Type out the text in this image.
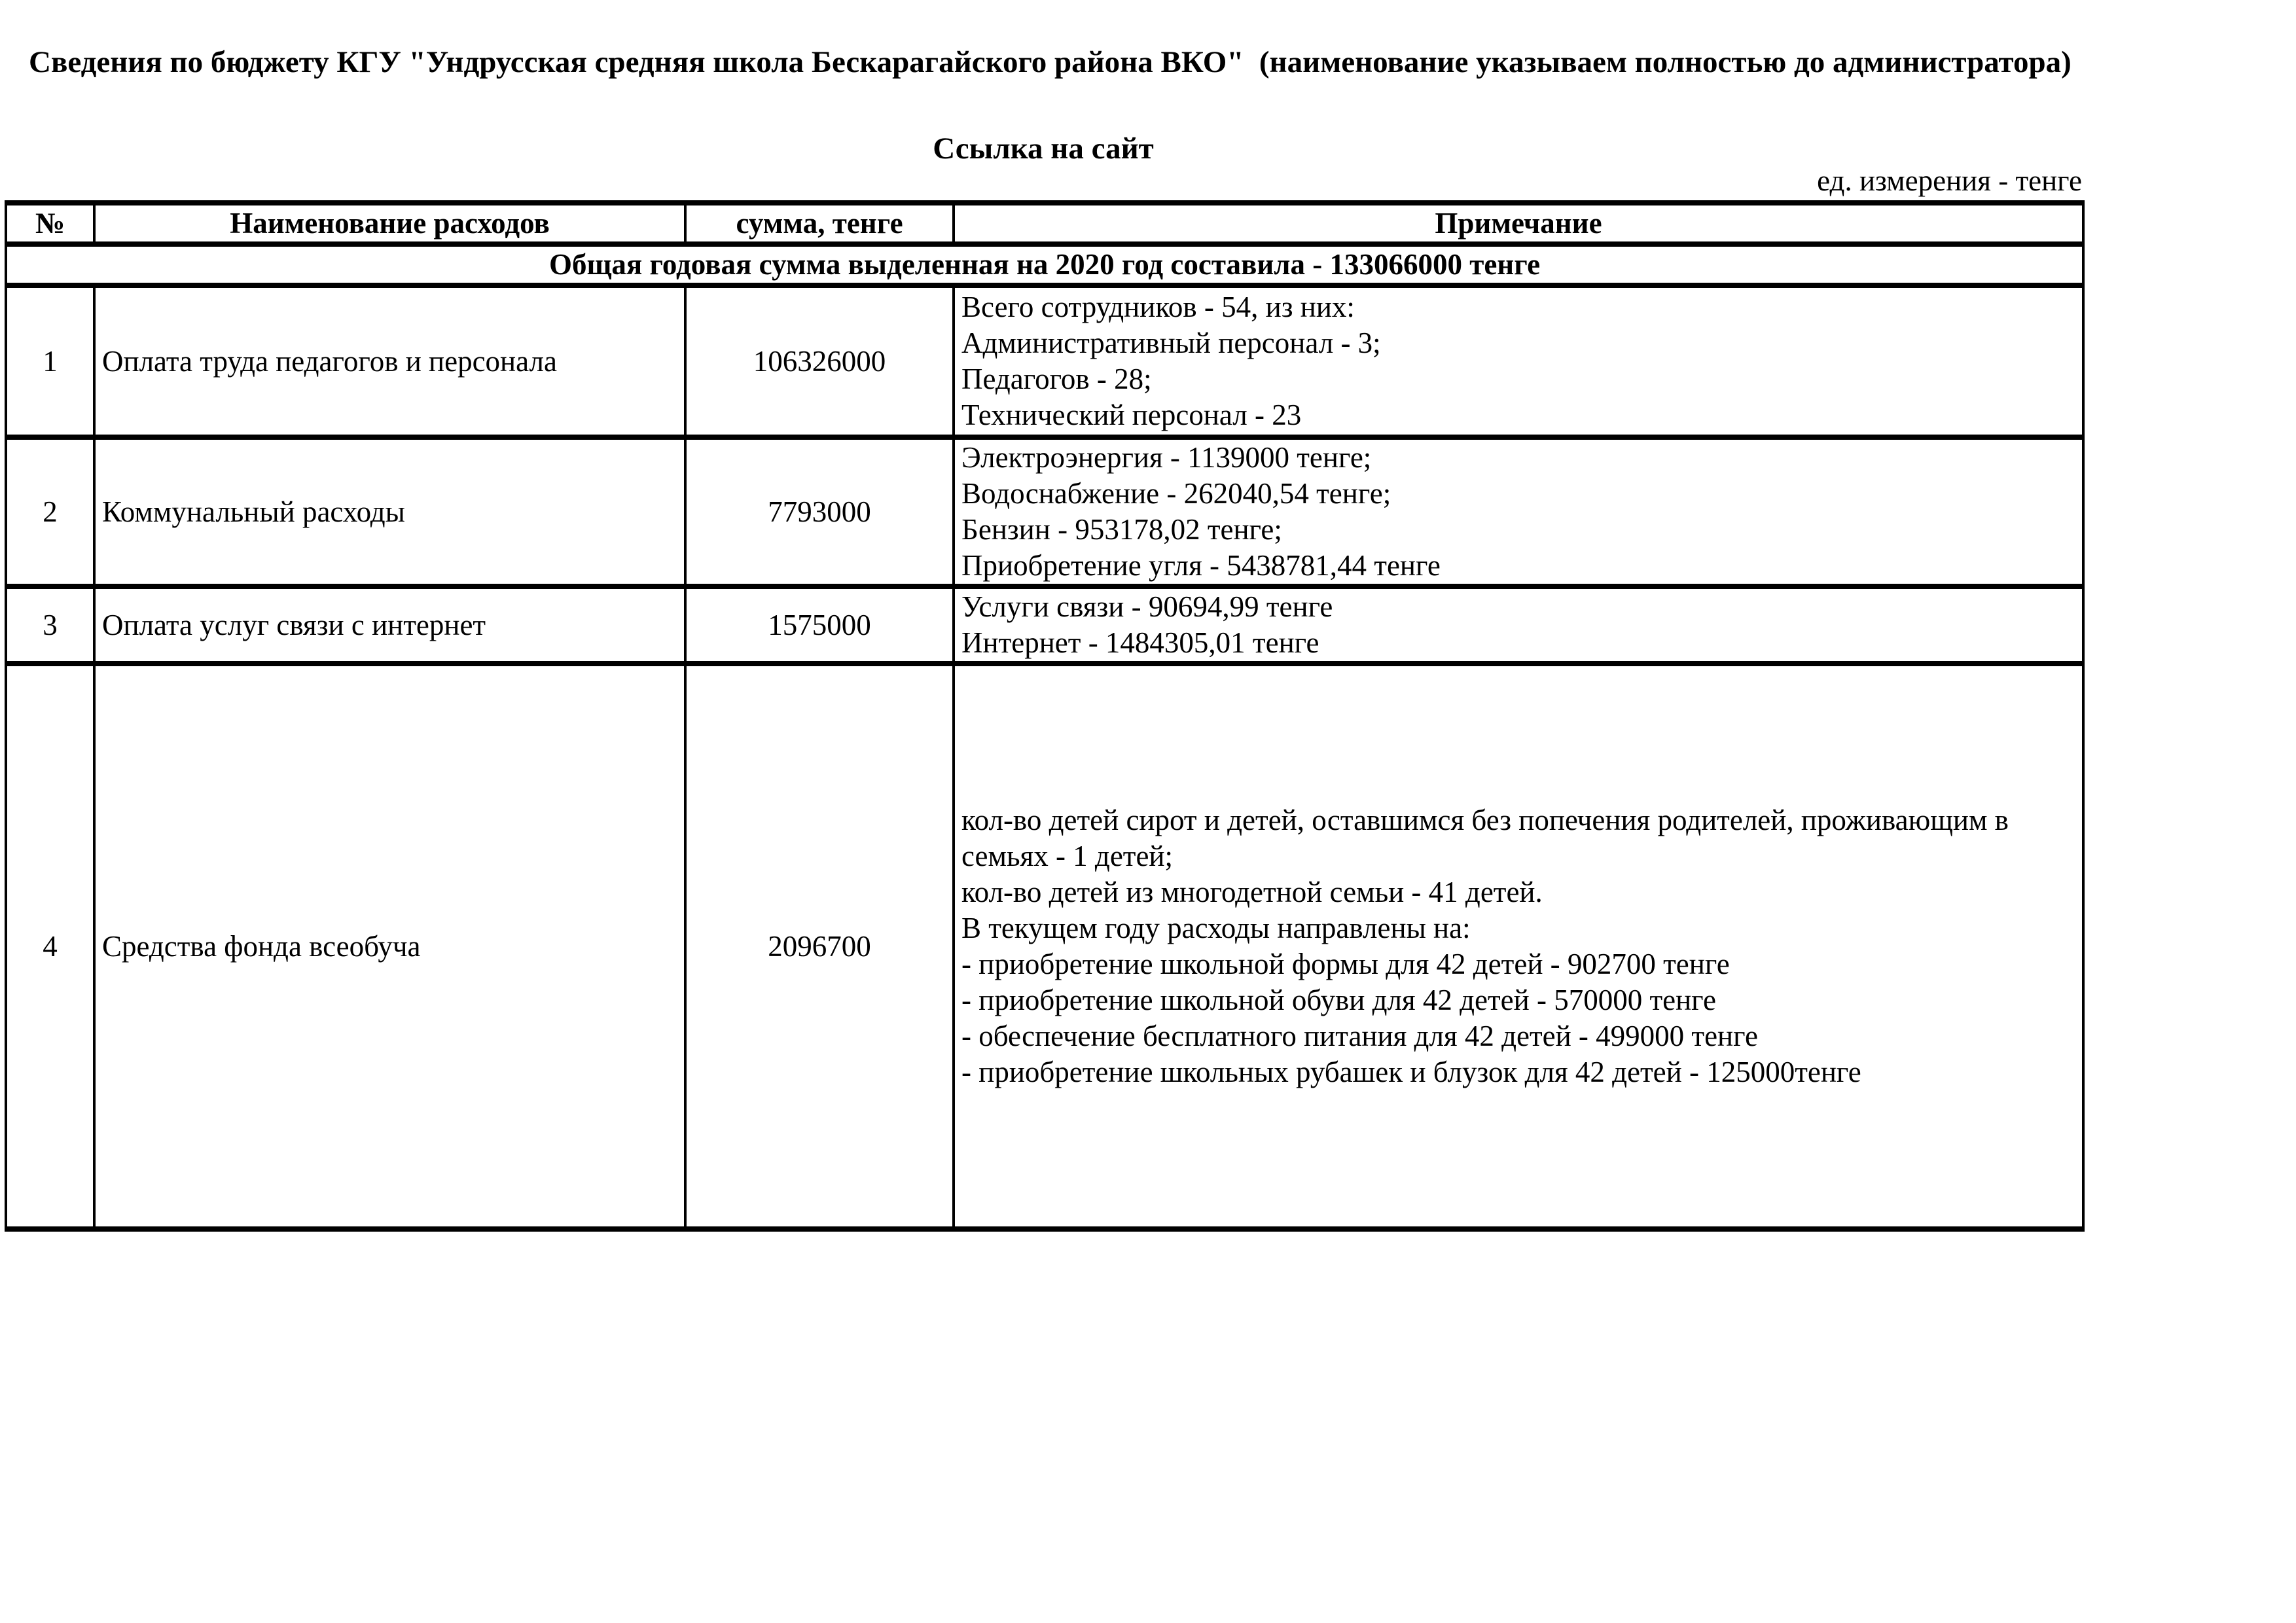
Сведения по бюджету КГУ "Ундрусская средняя школа Бескарагайского района ВКО"  (наименование указываем полностью до администратора)
Ссылка на сайт
ед. измерения - тенге
№	Наименование расходов	сумма, тенге	Примечание
Общая годовая сумма выделенная на 2020 год составила - 133066000 тенге			
1	Оплата труда педагогов и персонала	106326000	Всего сотрудников - 54, из них:
Административный персонал - 3;
Педагогов - 28;
Технический персонал - 23

2	Коммунальный расходы	7793000	Электроэнергия - 1139000 тенге;
Водоснабжение - 262040,54 тенге;
Бензин - 953178,02 тенге;
Приобретение угля - 5438781,44 тенге

3	Оплата услуг связи с интернет	1575000	Услуги связи - 90694,99 тенге
Интернет - 1484305,01 тенге

4	Средства фонда всеобуча	2096700	
кол-во детей сирот и детей, оставшимся без попечения родителей, проживающим в
семьях - 1 детей;
кол-во детей из многодетной семьи - 41 детей.
В текущем году расходы направлены на:
- приобретение школьной формы для 42 детей - 902700 тенге
- приобретение школьной обуви для 42 детей - 570000 тенге
- обеспечение бесплатного питания для 42 детей - 499000 тенге
- приобретение школьных рубашек и блузок для 42 детей - 125000тенге
